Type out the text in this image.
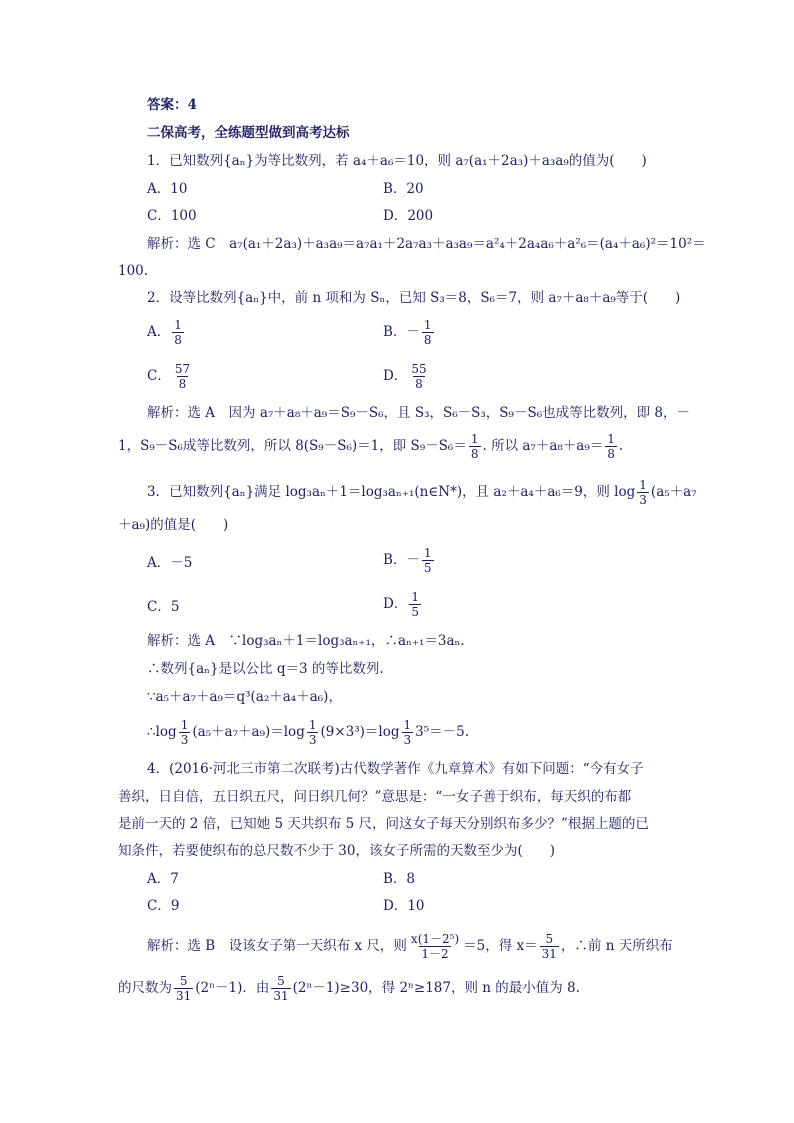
答案：4
二保高考，全练题型做到高考达标
1．已知数列{aₙ}为等比数列，若 a₄＋a₆＝10，则 a₇(a₁＋2a₃)＋a₃a₉的值为(　　)
A．10	B．20
C．100	D．200
解析：选 C　a₇(a₁＋2a₃)＋a₃a₉＝a₇a₁＋2a₇a₃＋a₃a₉＝a²₄＋2a₄a₆＋a²₆＝(a₄＋a₆)²＝10²＝
100.
2．设等比数列{aₙ}中，前 n 项和为 Sₙ，已知 S₃＝8，S₆＝7，则 a₇＋a₈＋a₉等于(　　)
A． $\frac{1}{8}$	B．－ $\frac{1}{8}$
C． $\frac{57}{8}$	D． $\frac{55}{8}$
解析：选 A　因为 a₇＋a₈＋a₉＝S₉－S₆，且 S₃，S₆－S₃，S₉－S₆也成等比数列，即 8，－
1，S₉－S₆成等比数列，所以 8(S₉－S₆)＝1，即 $S_9-S_6= \frac{1}{8}$ . 所以 $a_7+a_8+a_9= \frac{1}{8}$ .
3．已知数列{aₙ}满足 log₃aₙ＋1＝log₃aₙ₊₁(n∈N*)，且 a₂＋a₄＋a₆＝9，则 $\log \frac{1}{3} (a_5+a_7$
＋a₉)的值是(　　)
A．－5	B．－ $\frac{1}{5}$
C．5	D． $\frac{1}{5}$
解析：选 A　∵log₃aₙ＋1＝log₃aₙ₊₁，∴aₙ₊₁＝3aₙ.
∴数列{aₙ}是以公比 q＝3 的等比数列.
∵a₅＋a₇＋a₉＝q³(a₂＋a₄＋a₆)，
∴log $\frac{1}{3} (a_5+a_7+a_9)=\log \frac{1}{3} (9\times 3^3)=\log \frac{1}{3} 3^5=-5$.
4．(2016·河北三市第二次联考)古代数学著作《九章算术》有如下问题：“今有女子
善织，日自倍，五日织五尺，问日织几何？”意思是：“一女子善于织布，每天织的布都
是前一天的 2 倍，已知她 5 天共织布 5 尺，问这女子每天分别织布多少？”根据上题的已
知条件，若要使织布的总尺数不少于 30，该女子所需的天数至少为(　　)
A．7	B．8
C．9	D．10
解析：选 B　设该女子第一天织布 x 尺，则 $\frac{\text{x(1－2⁵)}}{1-2} =5$，得 $x= \frac{5}{31}$ ，∴前 n 天所织布
的尺数为 $\frac{5}{31} (2^n-1)$．由 $\frac{5}{31} (2^n-1)\ge 30$，得 2ⁿ≥187，则 n 的最小值为 8.
